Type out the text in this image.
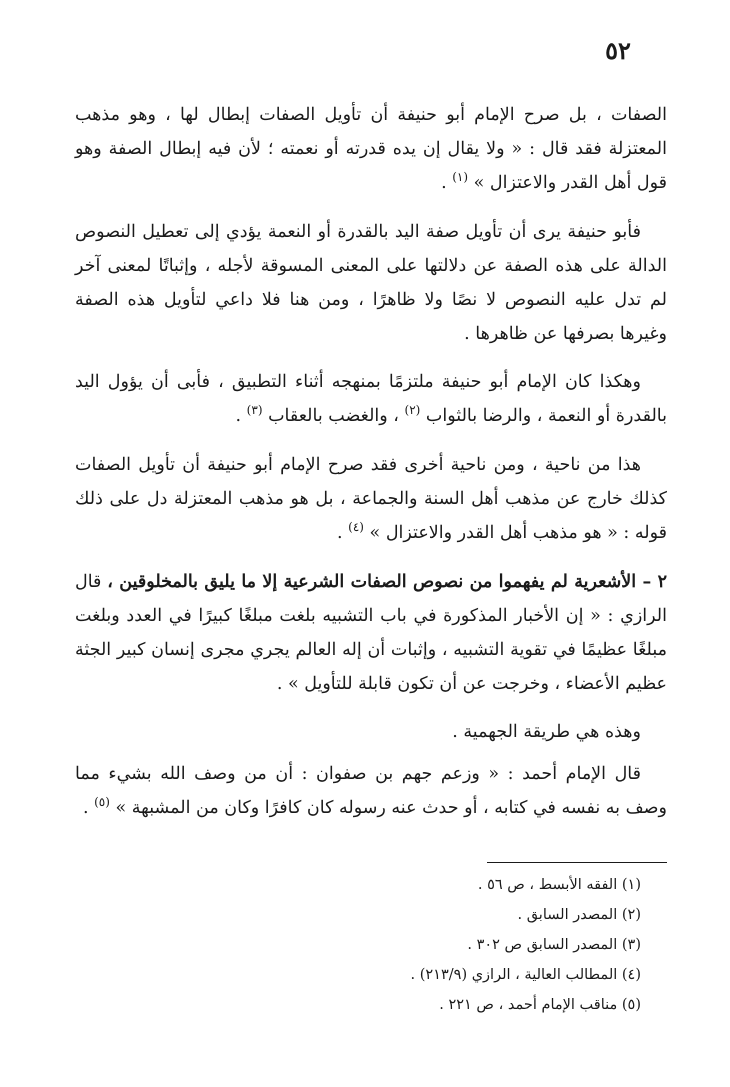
٥٢

الصفات ، بل صرح الإمام أبو حنيفة أن تأويل الصفات إبطال لها ، وهو مذهب المعتزلة فقد قال : « ولا يقال إن يده قدرته أو نعمته ؛ لأن فيه إبطال الصفة وهو قول أهل القدر والاعتزال » $^{(١)}$ .

فأبو حنيفة يرى أن تأويل صفة اليد بالقدرة أو النعمة يؤدي إلى تعطيل النصوص الدالة على هذه الصفة عن دلالتها على المعنى المسوقة لأجله ، وإثباتًا لمعنى آخر لم تدل عليه النصوص لا نصًا ولا ظاهرًا ، ومن هنا فلا داعي لتأويل هذه الصفة وغيرها بصرفها عن ظاهرها .

وهكذا كان الإمام أبو حنيفة ملتزمًا بمنهجه أثناء التطبيق ، فأبى أن يؤول اليد بالقدرة أو النعمة ، والرضا بالثواب $^{(٢)}$ ، والغضب بالعقاب $^{(٣)}$ .

هذا من ناحية ، ومن ناحية أخرى فقد صرح الإمام أبو حنيفة أن تأويل الصفات كذلك خارج عن مذهب أهل السنة والجماعة ، بل هو مذهب المعتزلة دل على ذلك قوله : « هو مذهب أهل القدر والاعتزال » $^{(٤)}$ .

٢ – الأشعرية لم يفهموا من نصوص الصفات الشرعية إلا ما يليق بالمخلوقين ، قال الرازي : « إن الأخبار المذكورة في باب التشبيه بلغت مبلغًا كبيرًا في العدد وبلغت مبلغًا عظيمًا في تقوية التشبيه ، وإثبات أن إله العالم يجري مجرى إنسان كبير الجثة عظيم الأعضاء ، وخرجت عن أن تكون قابلة للتأويل » .

وهذه هي طريقة الجهمية .

قال الإمام أحمد : « وزعم جهم بن صفوان : أن من وصف الله بشيء مما وصف به نفسه في كتابه ، أو حدث عنه رسوله كان كافرًا وكان من المشبهة » $^{(٥)}$ .

(١) الفقه الأبسط ، ص ٥٦ .
(٢) المصدر السابق .
(٣) المصدر السابق ص ٣٠٢ .
(٤) المطالب العالية ، الرازي (٢١٣/٩) .
(٥) مناقب الإمام أحمد ، ص ٢٢١ .
